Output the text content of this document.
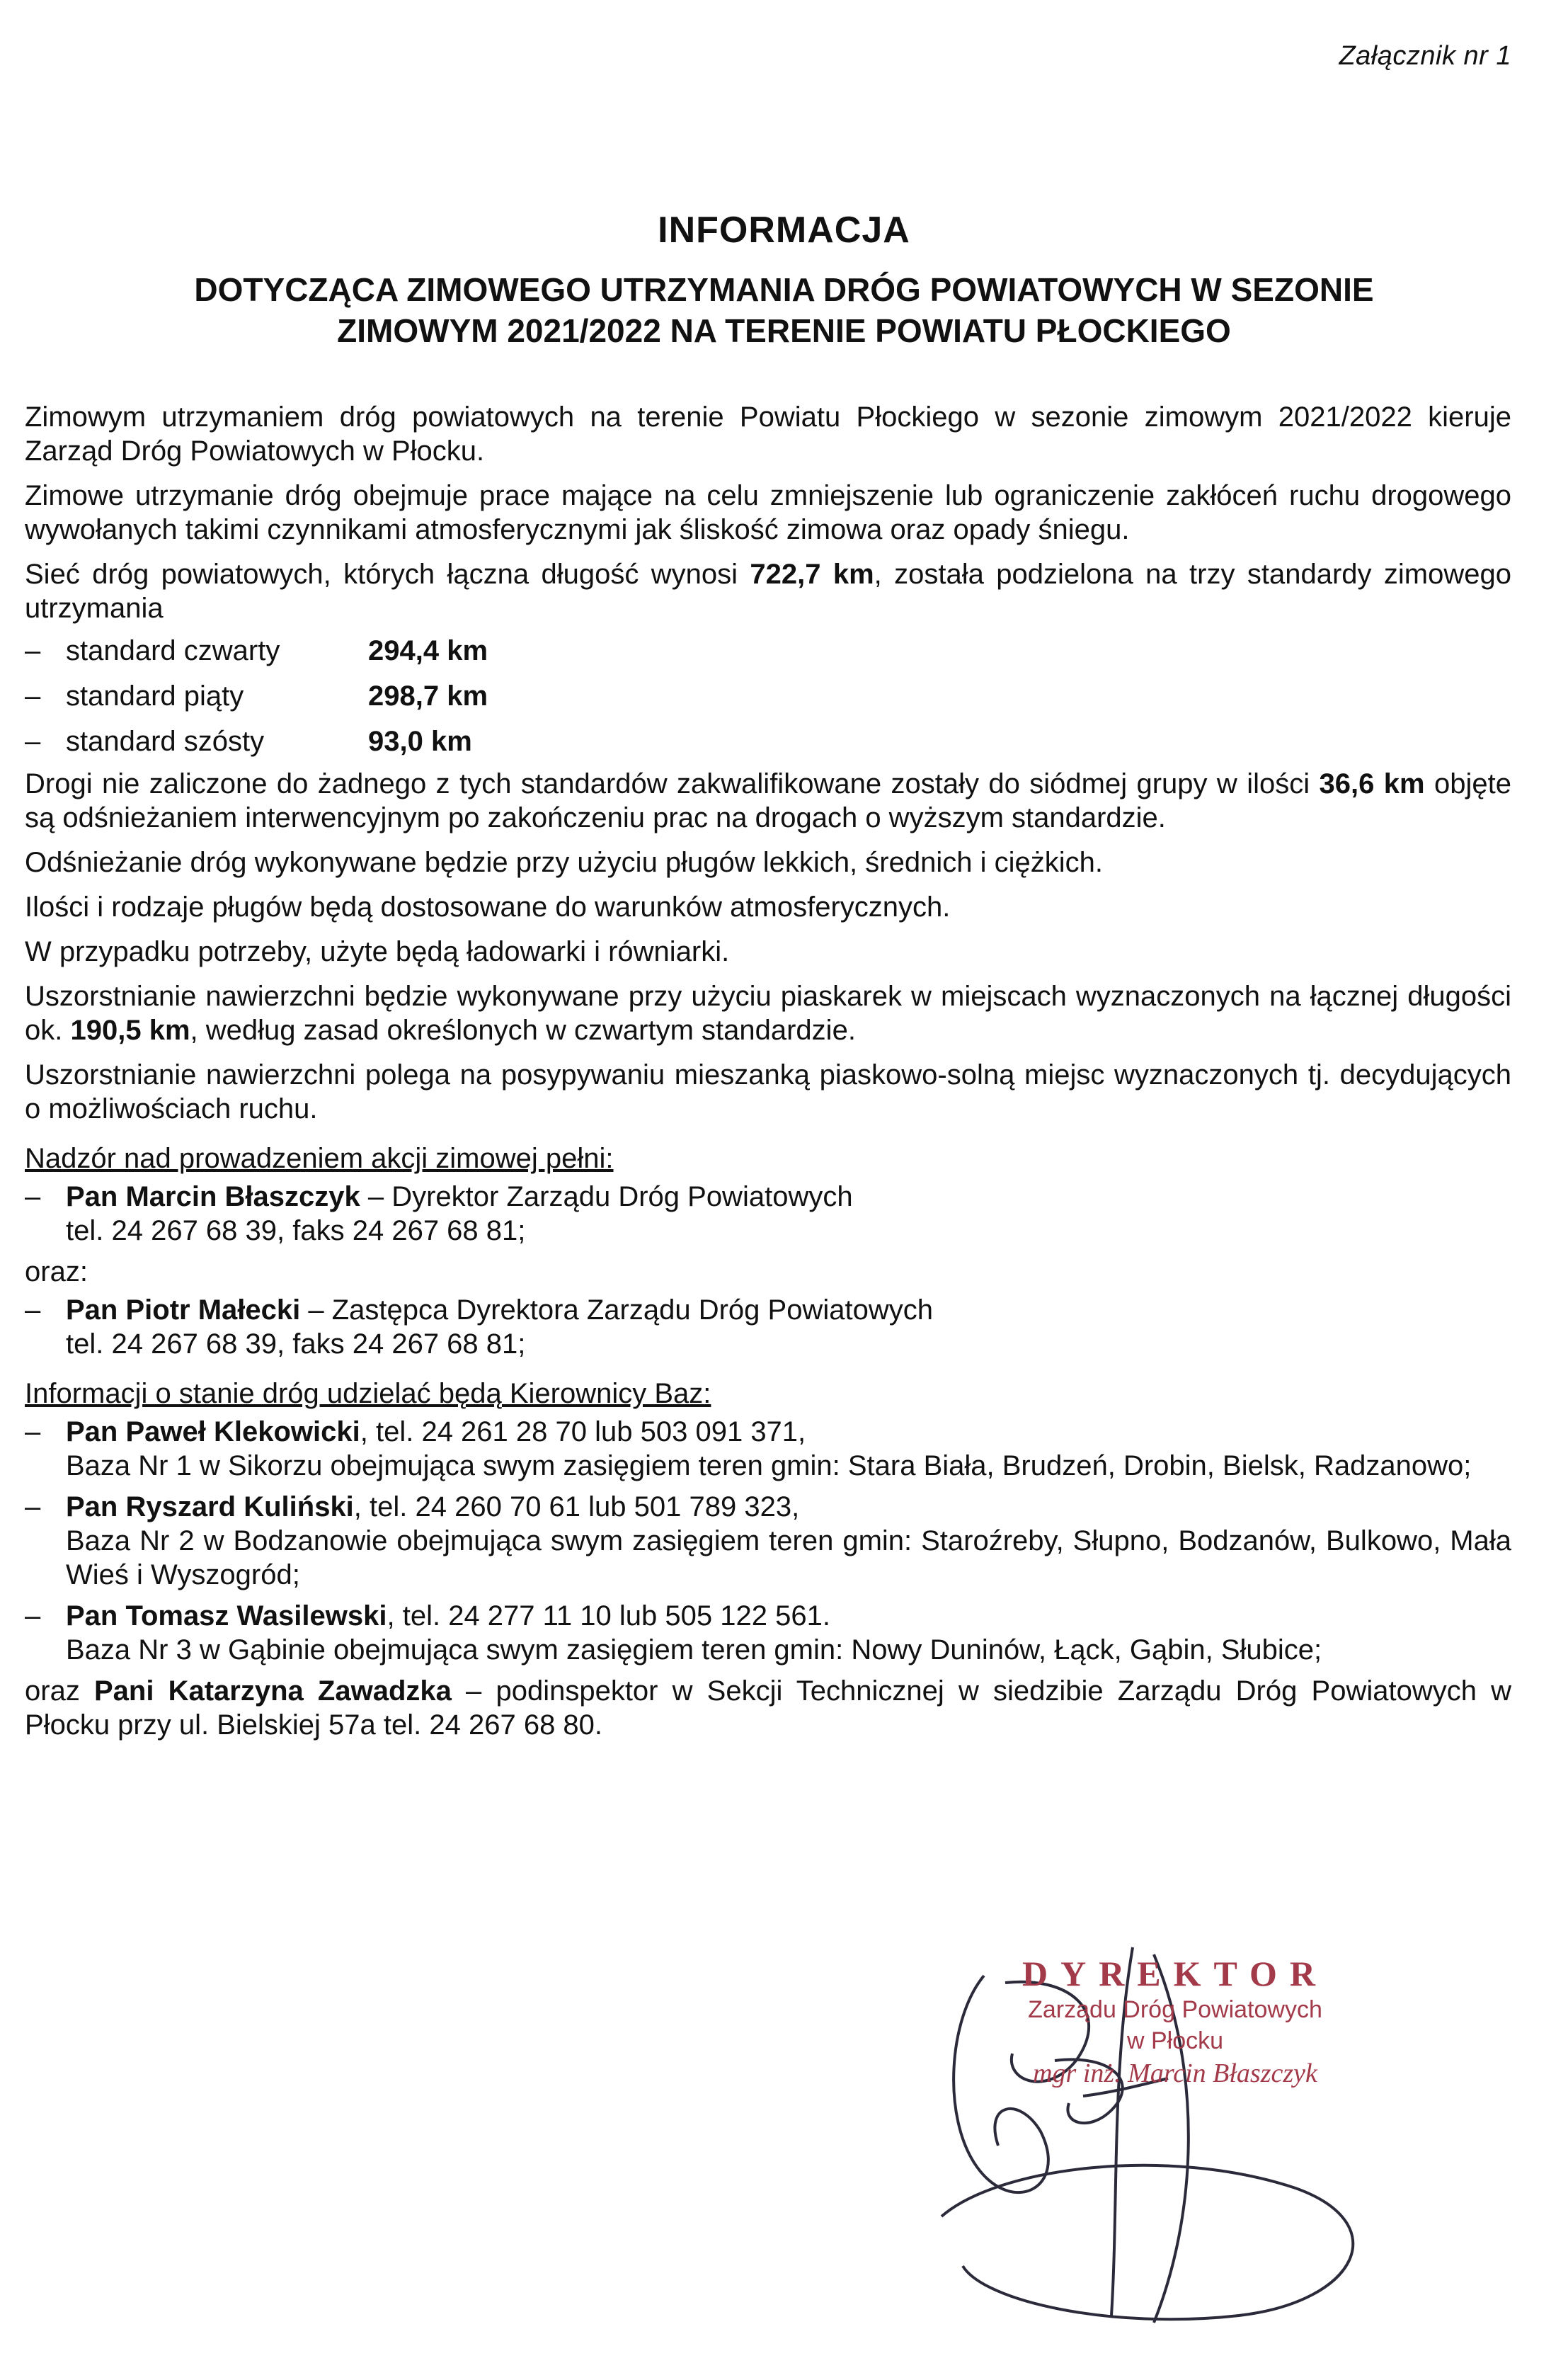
Załącznik nr 1
INFORMACJA
DOTYCZĄCA ZIMOWEGO UTRZYMANIA DRÓG POWIATOWYCH W SEZONIE
ZIMOWYM 2021/2022 NA TERENIE POWIATU PŁOCKIEGO
Zimowym utrzymaniem dróg powiatowych na terenie Powiatu Płockiego w sezonie zimowym 2021/2022 kieruje Zarząd Dróg Powiatowych w Płocku.
Zimowe utrzymanie dróg obejmuje prace mające na celu zmniejszenie lub ograniczenie zakłóceń ruchu drogowego wywołanych takimi czynnikami atmosferycznymi jak śliskość zimowa oraz opady śniegu.
Sieć dróg powiatowych, których łączna długość wynosi 722,7 km, została podzielona na trzy standardy zimowego utrzymania
– standard czwarty	294,4 km
– standard piąty	298,7 km
– standard szósty	93,0 km
Drogi nie zaliczone do żadnego z tych standardów zakwalifikowane zostały do siódmej grupy w ilości 36,6 km objęte są odśnieżaniem interwencyjnym po zakończeniu prac na drogach o wyższym standardzie.
Odśnieżanie dróg wykonywane będzie przy użyciu pługów lekkich, średnich i ciężkich.
Ilości i rodzaje pługów będą dostosowane do warunków atmosferycznych.
W przypadku potrzeby, użyte będą ładowarki i równiarki.
Uszorstnianie nawierzchni będzie wykonywane przy użyciu piaskarek w miejscach wyznaczonych na łącznej długości ok. 190,5 km, według zasad określonych w czwartym standardzie.
Uszorstnianie nawierzchni polega na posypywaniu mieszanką piaskowo-solną miejsc wyznaczonych tj. decydujących o możliwościach ruchu.
Nadzór nad prowadzeniem akcji zimowej pełni:
– Pan Marcin Błaszczyk – Dyrektor Zarządu Dróg Powiatowych
tel. 24 267 68 39, faks 24 267 68 81;
oraz:
– Pan Piotr Małecki – Zastępca Dyrektora Zarządu Dróg Powiatowych
tel. 24 267 68 39, faks 24 267 68 81;
Informacji o stanie dróg udzielać będą Kierownicy Baz:
– Pan Paweł Klekowicki, tel. 24 261 28 70 lub 503 091 371,
Baza Nr 1 w Sikorzu obejmująca swym zasięgiem teren gmin: Stara Biała, Brudzeń, Drobin, Bielsk, Radzanowo;
– Pan Ryszard Kuliński, tel. 24 260 70 61 lub 501 789 323,
Baza Nr 2 w Bodzanowie obejmująca swym zasięgiem teren gmin: Staroźreby, Słupno, Bodzanów, Bulkowo, Mała Wieś i Wyszogród;
– Pan Tomasz Wasilewski, tel. 24 277 11 10 lub 505 122 561.
Baza Nr 3 w Gąbinie obejmująca swym zasięgiem teren gmin: Nowy Duninów, Łąck, Gąbin, Słubice;
oraz Pani Katarzyna Zawadzka – podinspektor w Sekcji Technicznej w siedzibie Zarządu Dróg Powiatowych w Płocku przy ul. Bielskiej 57a tel. 24 267 68 80.
DYREKTOR
Zarządu Dróg Powiatowych
w Płocku
mgr inż. Marcin Błaszczyk
